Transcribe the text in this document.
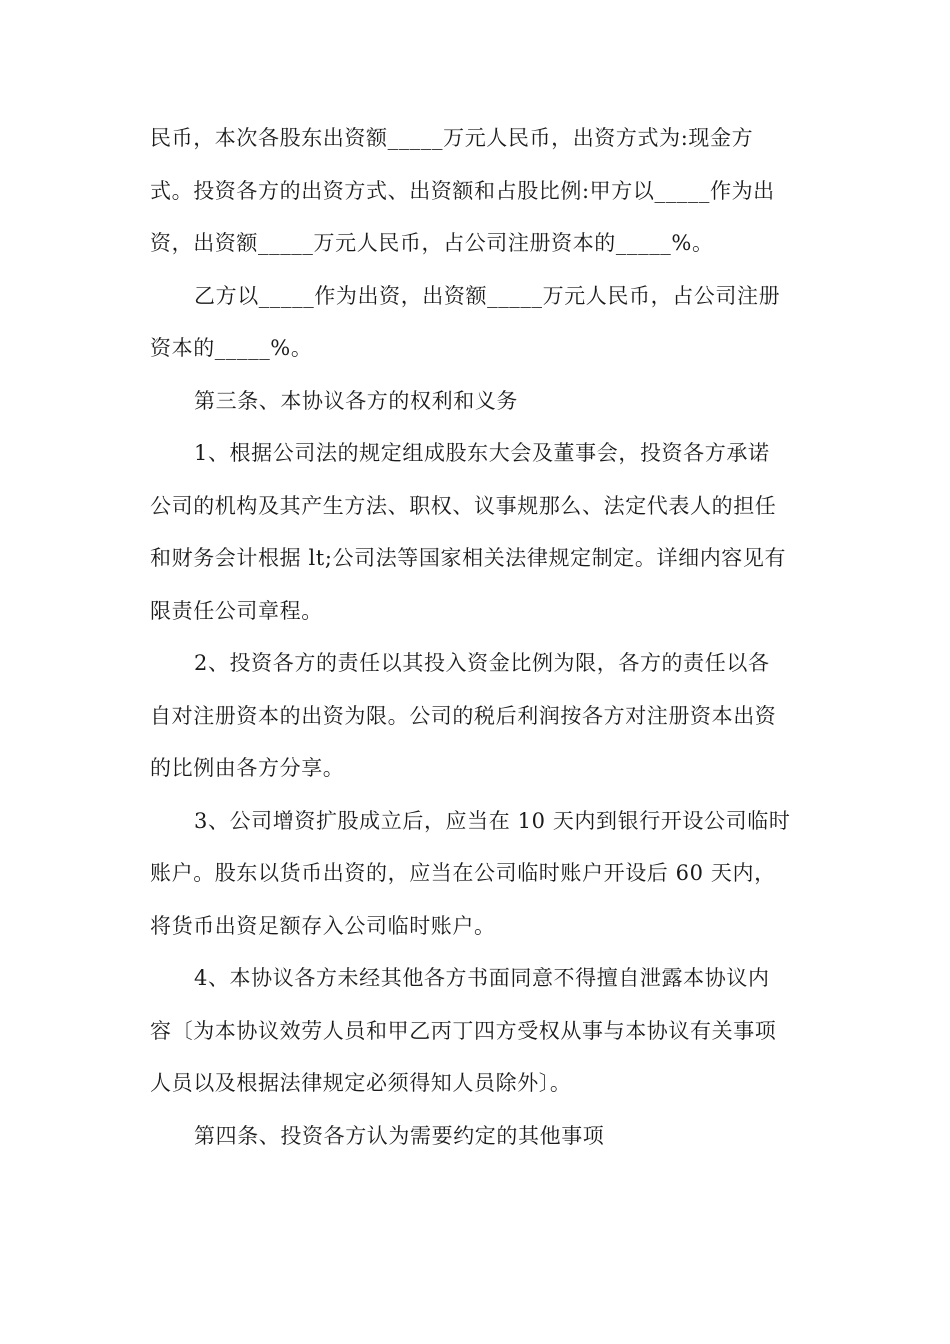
民币，本次各股东出资额_____万元人民币，出资方式为:现金方
式。投资各方的出资方式、出资额和占股比例:甲方以_____作为出
资，出资额_____万元人民币，占公司注册资本的_____%。
乙方以_____作为出资，出资额_____万元人民币，占公司注册
资本的_____%。
第三条、本协议各方的权利和义务
1、根据公司法的规定组成股东大会及董事会，投资各方承诺
公司的机构及其产生方法、职权、议事规那么、法定代表人的担任
和财务会计根据 lt;公司法等国家相关法律规定制定。详细内容见有
限责任公司章程。
2、投资各方的责任以其投入资金比例为限，各方的责任以各
自对注册资本的出资为限。公司的税后利润按各方对注册资本出资
的比例由各方分享。
3、公司增资扩股成立后，应当在 10 天内到银行开设公司临时
账户。股东以货币出资的，应当在公司临时账户开设后 60 天内，
将货币出资足额存入公司临时账户。
4、本协议各方未经其他各方书面同意不得擅自泄露本协议内
容〔为本协议效劳人员和甲乙丙丁四方受权从事与本协议有关事项
人员以及根据法律规定必须得知人员除外〕。
第四条、投资各方认为需要约定的其他事项
